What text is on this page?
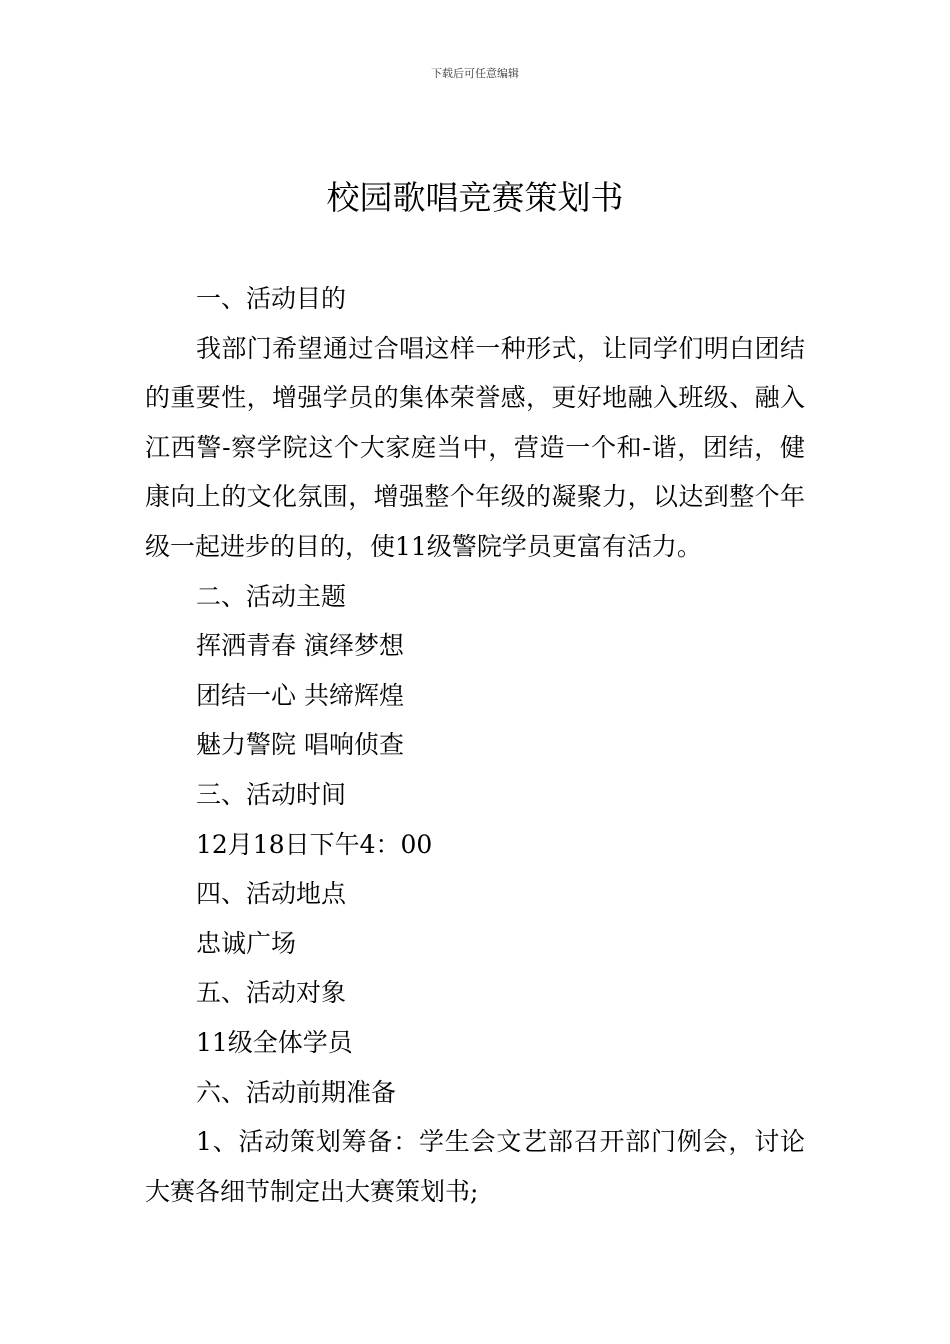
下载后可任意编辑
校园歌唱竞赛策划书

一、活动目的

我部门希望通过合唱这样一种形式，让同学们明白团结的重要性，增强学员的集体荣誉感，更好地融入班级、融入江西警-察学院这个大家庭当中，营造一个和-谐，团结，健康向上的文化氛围，增强整个年级的凝聚力，以达到整个年级一起进步的目的，使11级警院学员更富有活力。

二、活动主题

挥洒青春 演绎梦想

团结一心 共缔辉煌

魅力警院 唱响侦查

三、活动时间

12月18日下午4：00

四、活动地点

忠诚广场

五、活动对象

11级全体学员

六、活动前期准备

1、活动策划筹备：学生会文艺部召开部门例会，讨论大赛各细节制定出大赛策划书;
